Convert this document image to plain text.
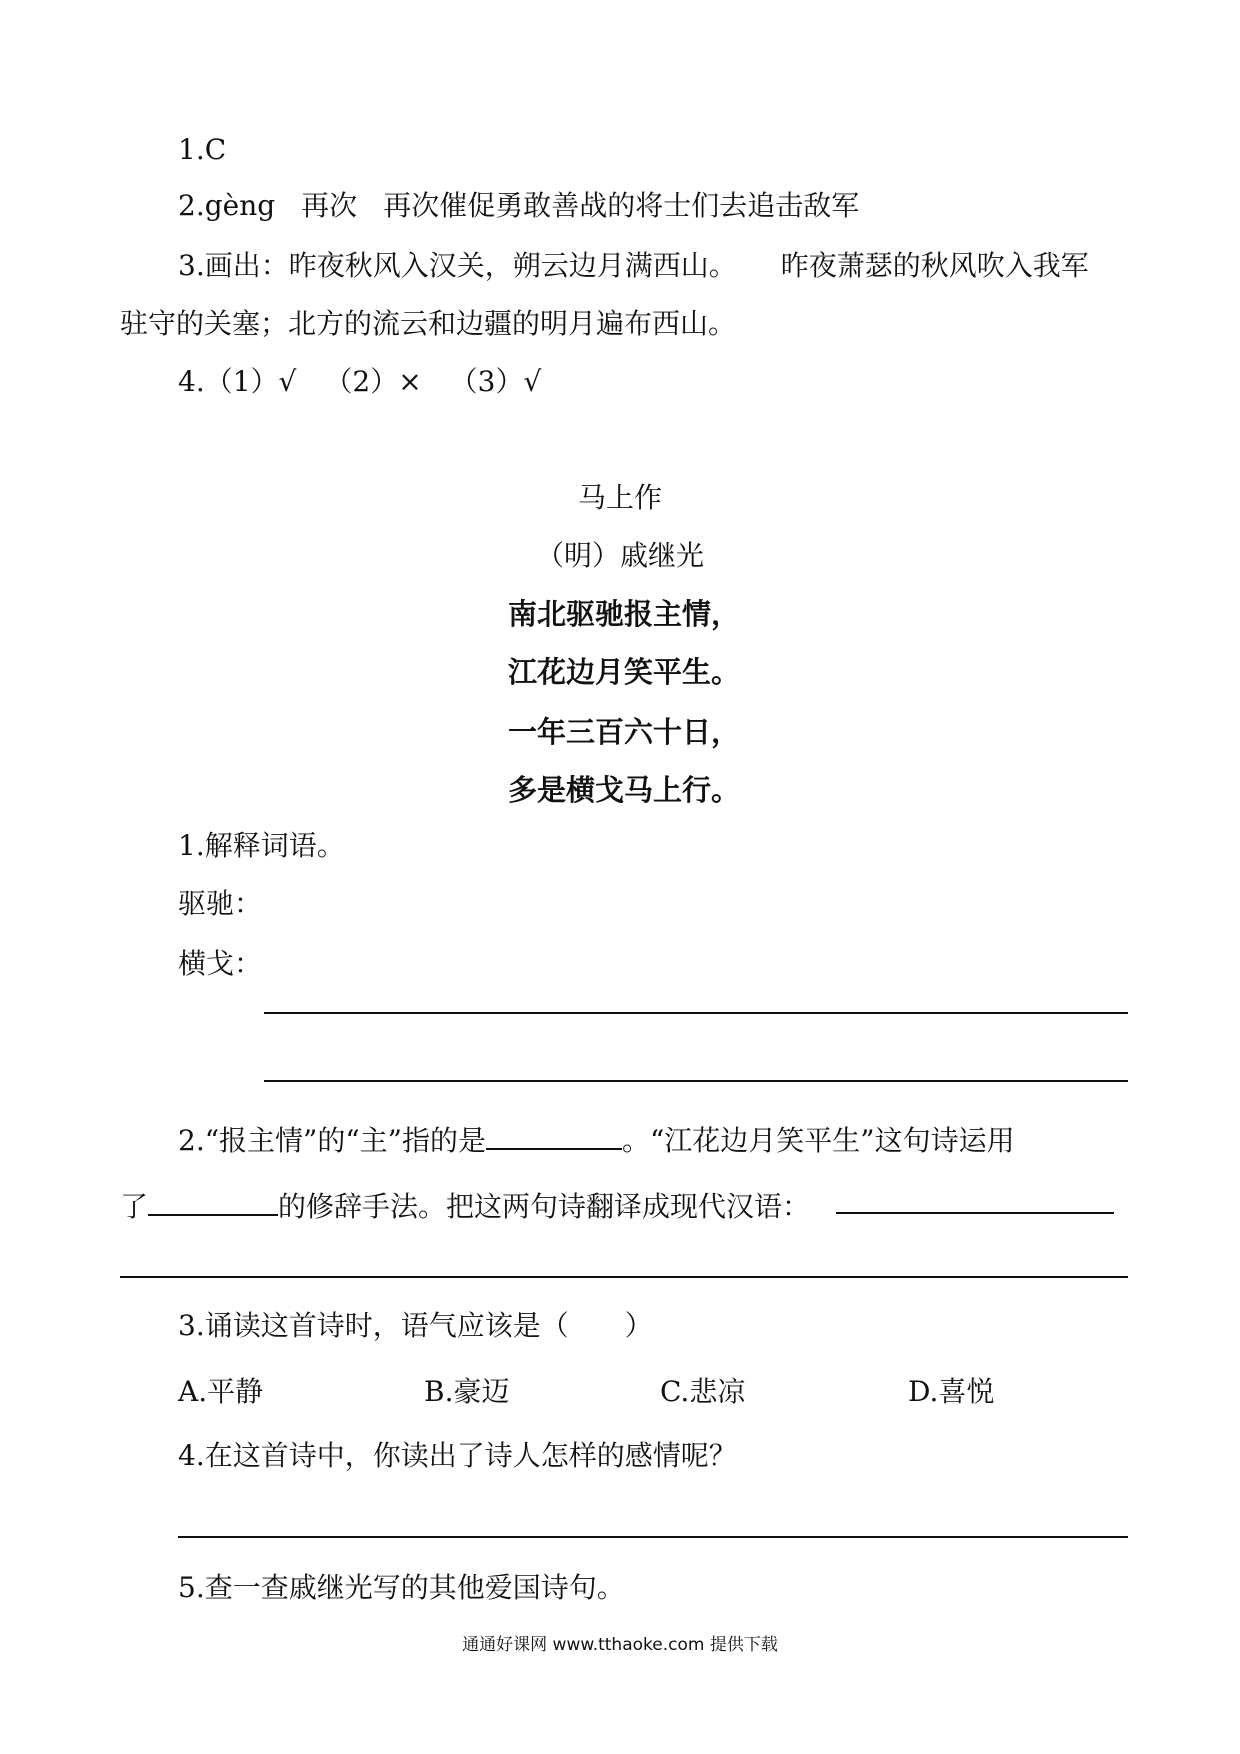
1.C
2.gèng 再次 再次催促勇敢善战的将士们去追击敌军
3.画出：昨夜秋风入汉关，朔云边月满西山。 昨夜萧瑟的秋风吹入我军
驻守的关塞；北方的流云和边疆的明月遍布西山。
4.（1）√ （2）× （3）√
马上作
（明）戚继光
南北驱驰报主情，
江花边月笑平生。
一年三百六十日，
多是横戈马上行。
1.解释词语。
驱驰：
横戈：
2.“报主情”的“主”指的是	。“江花边月笑平生”这句诗运用
了	的修辞手法。把这两句诗翻译成现代汉语：
3.诵读这首诗时，语气应该是（　　）
A.平静	B.豪迈	C.悲凉	D.喜悦
4.在这首诗中，你读出了诗人怎样的感情呢？
5.查一查戚继光写的其他爱国诗句。
通通好课网 www.tthaoke.com 提供下载
